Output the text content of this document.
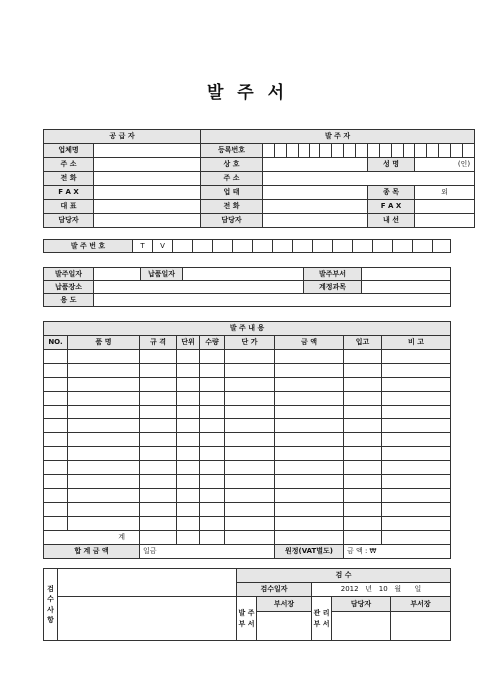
발 주 서
공 급 자		발 주 자																		
업체명		등록번호																		
주 소		상 호										성 명				(인)				
전 화		주 소																		
F A X		업 태										종 목				외				
대 표		전 화										F A X								
담당자		담당자										내 선								
발 주 번 호	T	V														
발주일자		납품일자		발주부서	
납품장소				계정과목	
용 도					
발 주 내 용								
NO.	품 명	규 격	단위	수량	단 가	금 액	입고	비 고

계								
합 계 금 액		일금				원정(VAT별도)	금 액 : ₩	
검 수 사 항		검 수				
		검수일자		2012 년 10 월 일		
		발 주 부 서	부서장	관 리 부 서	담당자	부서장
